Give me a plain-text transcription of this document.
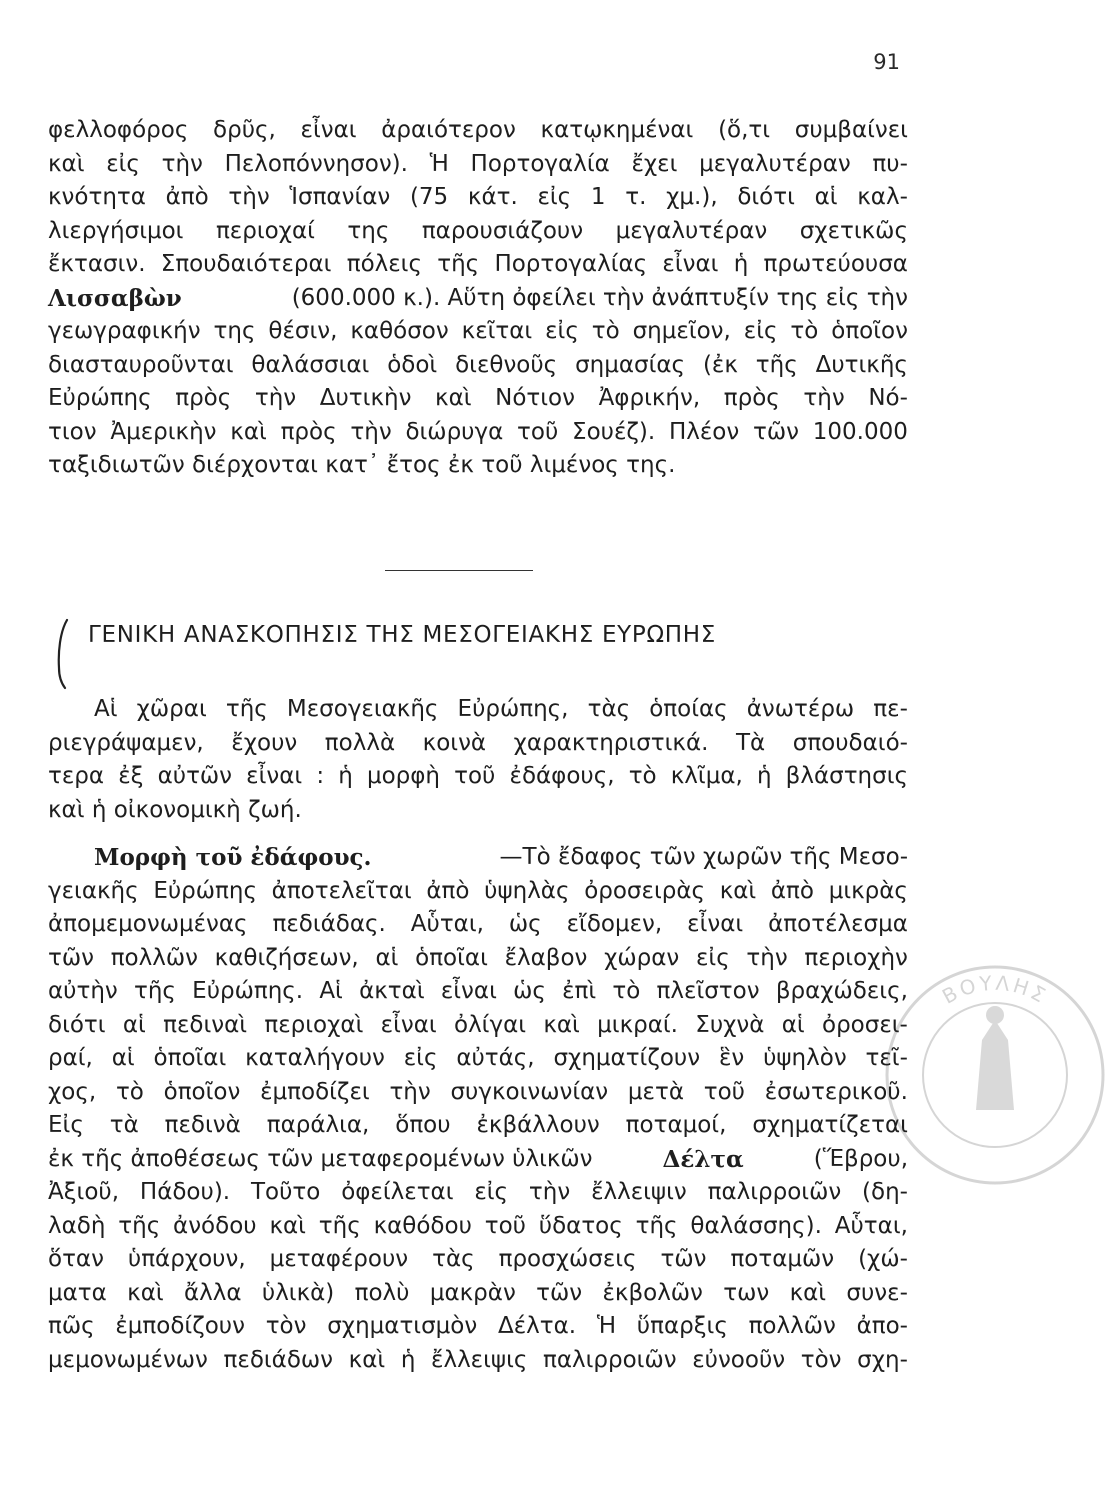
91
φελλοφόρος δρῦς, εἶναι ἀραιότερον κατῳκημέναι (ὅ,τι συμβαίνει
καὶ εἰς τὴν Πελοπόννησον). Ἡ Πορτογαλία ἔχει μεγαλυτέραν πυ-
κνότητα ἀπὸ τὴν Ἱσπανίαν (75 κάτ. εἰς 1 τ. χμ.), διότι αἱ καλ-
λιεργήσιμοι περιοχαί της παρουσιάζουν μεγαλυτέραν σχετικῶς
ἔκτασιν. Σπουδαιότεραι πόλεις τῆς Πορτογαλίας εἶναι ἡ πρωτεύουσα
Λισσαβὼν	(600.000 κ.). Αὕτη ὀφείλει τὴν ἀνάπτυξίν της εἰς τὴν
γεωγραφικήν της θέσιν, καθόσον κεῖται εἰς τὸ σημεῖον, εἰς τὸ ὁποῖον
διασταυροῦνται θαλάσσιαι ὁδοὶ διεθνοῦς σημασίας (ἐκ τῆς Δυτικῆς
Εὐρώπης πρὸς τὴν Δυτικὴν καὶ Νότιον Ἀφρικήν, πρὸς τὴν Νό-
τιον Ἀμερικὴν καὶ πρὸς τὴν διώρυγα τοῦ Σουέζ). Πλέον τῶν 100.000
ταξιδιωτῶν διέρχονται κατ᾽ ἔτος ἐκ τοῦ λιμένος της.
ΓΕΝΙΚΗ ΑΝΑΣΚΟΠΗΣΙΣ ΤΗΣ ΜΕΣΟΓΕΙΑΚΗΣ ΕΥΡΩΠΗΣ
Αἱ χῶραι τῆς Μεσογειακῆς Εὐρώπης, τὰς ὁποίας ἀνωτέρω πε-
ριεγράψαμεν, ἔχουν πολλὰ κοινὰ χαρακτηριστικά. Τὰ σπουδαιό-
τερα ἐξ αὐτῶν εἶναι : ἡ μορφὴ τοῦ ἐδάφους, τὸ κλῖμα, ἡ βλάστησις
καὶ ἡ οἰκονομικὴ ζωή.
Μορφὴ τοῦ ἐδάφους.	—Τὸ ἔδαφος τῶν χωρῶν τῆς Μεσο-
γειακῆς Εὐρώπης ἀποτελεῖται ἀπὸ ὑψηλὰς ὀροσειρὰς καὶ ἀπὸ μικρὰς
ἀπομεμονωμένας πεδιάδας. Αὗται, ὡς εἴδομεν, εἶναι ἀποτέλεσμα
τῶν πολλῶν καθιζήσεων, αἱ ὁποῖαι ἔλαβον χώραν εἰς τὴν περιοχὴν
αὐτὴν τῆς Εὐρώπης. Αἱ ἀκταὶ εἶναι ὡς ἐπὶ τὸ πλεῖστον βραχώδεις,
διότι αἱ πεδιναὶ περιοχαὶ εἶναι ὀλίγαι καὶ μικραί. Συχνὰ αἱ ὀροσει-
ραί, αἱ ὁποῖαι καταλήγουν εἰς αὐτάς, σχηματίζουν ἓν ὑψηλὸν τεῖ-
χος, τὸ ὁποῖον ἐμποδίζει τὴν συγκοινωνίαν μετὰ τοῦ ἐσωτερικοῦ.
Εἰς τὰ πεδινὰ παράλια, ὅπου ἐκβάλλουν ποταμοί, σχηματίζεται
ἐκ τῆς ἀποθέσεως τῶν μεταφερομένων ὑλικῶν	Δέλτα	(Ἕβρου,
Ἀξιοῦ, Πάδου). Τοῦτο ὀφείλεται εἰς τὴν ἔλλειψιν παλιρροιῶν (δη-
λαδὴ τῆς ἀνόδου καὶ τῆς καθόδου τοῦ ὕδατος τῆς θαλάσσης). Αὗται,
ὅταν ὑπάρχουν, μεταφέρουν τὰς προσχώσεις τῶν ποταμῶν (χώ-
ματα καὶ ἄλλα ὑλικὰ) πολὺ μακρὰν τῶν ἐκβολῶν των καὶ συνε-
πῶς ἐμποδίζουν τὸν σχηματισμὸν Δέλτα. Ἡ ὕπαρξις πολλῶν ἀπο-
μεμονωμένων πεδιάδων καὶ ἡ ἔλλειψις παλιρροιῶν εὐνοοῦν τὸν σχη-
ΒΟΥΛΗΣ
